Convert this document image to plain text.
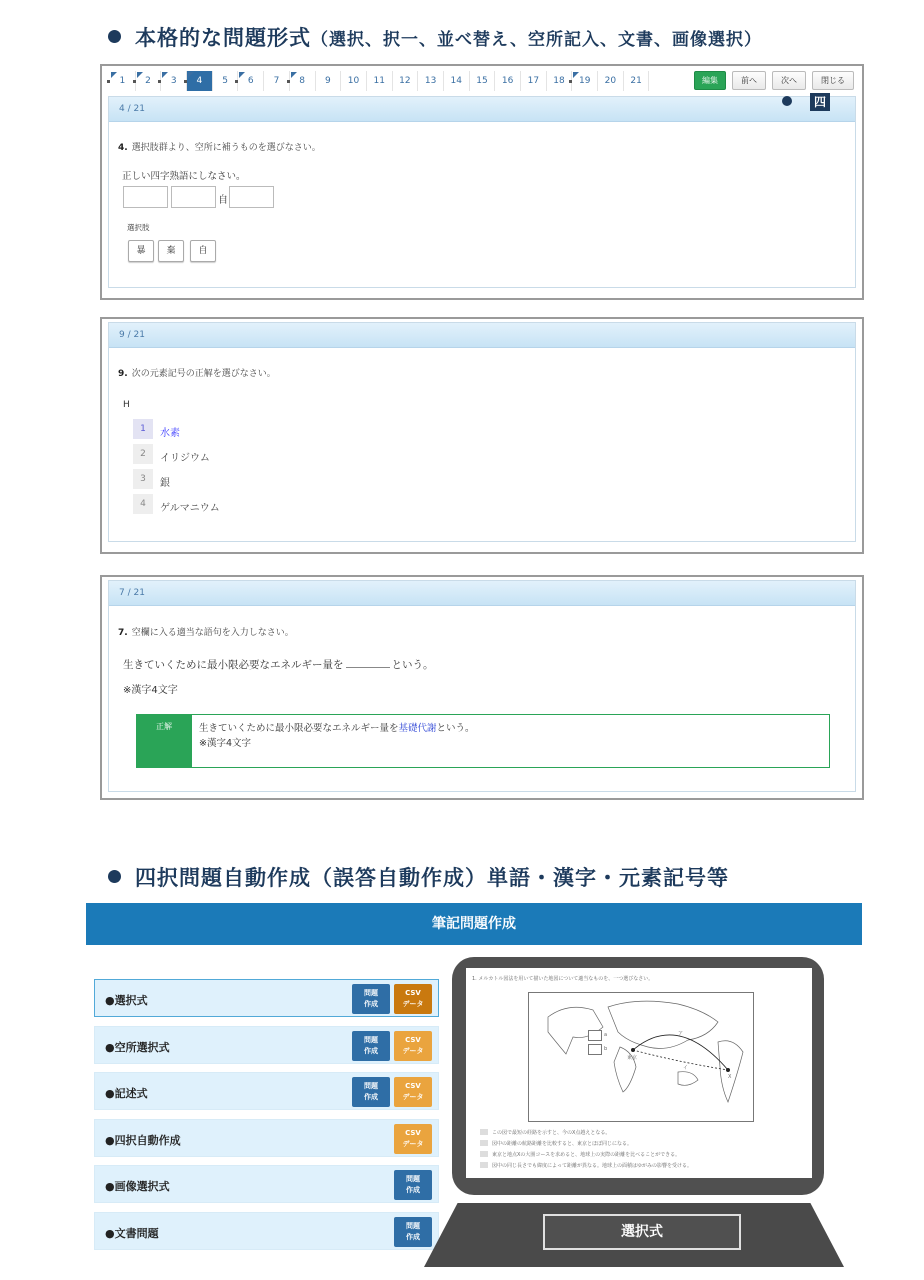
本格的な問題形式（選択、択一、並べ替え、空所記入、文書、画像選択）
1	2	3	4	5	6	7	8	9	10	11	12	13	14	15	16	17	18	19	20	21	編集	前へ	次へ	閉じる
4 / 21	四
4. 選択肢群より、空所に補うものを選びなさい。
正しい四字熟語にしなさい。
自
選択肢
暴	棄	自
9 / 21
9. 次の元素記号の正解を選びなさい。
H
1	水素
2	イリジウム
3	銀
4	ゲルマニウム
7 / 21
7. 空欄に入る適当な語句を入力しなさい。
生きていくために最小限必要なエネルギー量を	という。
※漢字4文字
正解	生きていくために最小限必要なエネルギー量を基礎代謝という。
※漢字4文字
四択問題自動作成（誤答自動作成）単語・漢字・元素記号等
筆記問題作成
●選択式
問題
作成
CSV
データ
●空所選択式
問題
作成
CSV
データ
●記述式
問題
作成
CSV
データ
●四択自動作成
CSV
データ
●画像選択式
問題
作成
●文書問題
問題
作成
1. メルカトル図法を用いて描いた地図について適当なものを、一つ選びなさい。
a
b
東京
ア
イ
X
この図で最短の経路を示すと、今のX点越えとなる。
図中の距離の航路距離を比較すると、東京とほぼ同じになる。
東京と地点Xの大圏コースを求めると、地球上の実際の距離を比べることができる。
図中の同じ長さでも緯度によって距離が異なる。地球上の面積はゆがみの影響を受ける。
選択式
